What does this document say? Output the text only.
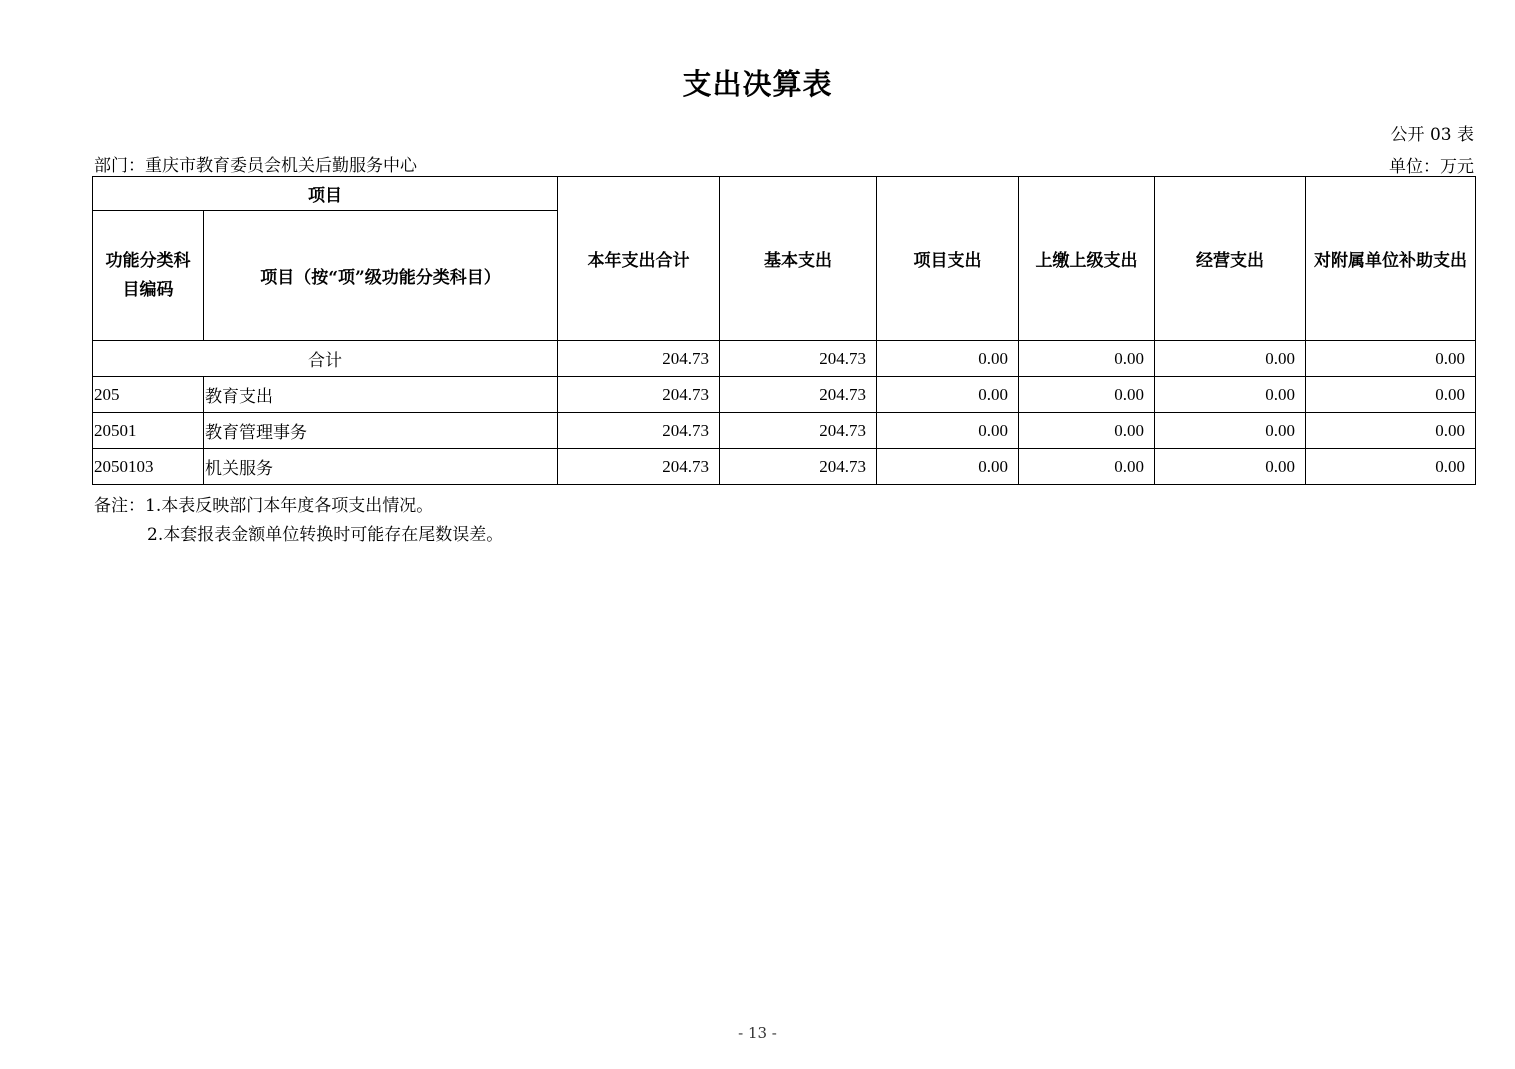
支出决算表
公开 03 表
部门：重庆市教育委员会机关后勤服务中心	单位：万元
项目		本年支出合计	基本支出	项目支出	上缴上级支出	经营支出	对附属单位补助支出

功能分类科目编码	项目（按“项”级功能分类科目）						
合计		204.73	204.73	0.00	0.00	0.00	0.00
205	教育支出	204.73	204.73	0.00	0.00	0.00	0.00
20501	教育管理事务	204.73	204.73	0.00	0.00	0.00	0.00
2050103	机关服务	204.73	204.73	0.00	0.00	0.00	0.00
备注：1.本表反映部门本年度各项支出情况。
2.本套报表金额单位转换时可能存在尾数误差。
- 13 -
